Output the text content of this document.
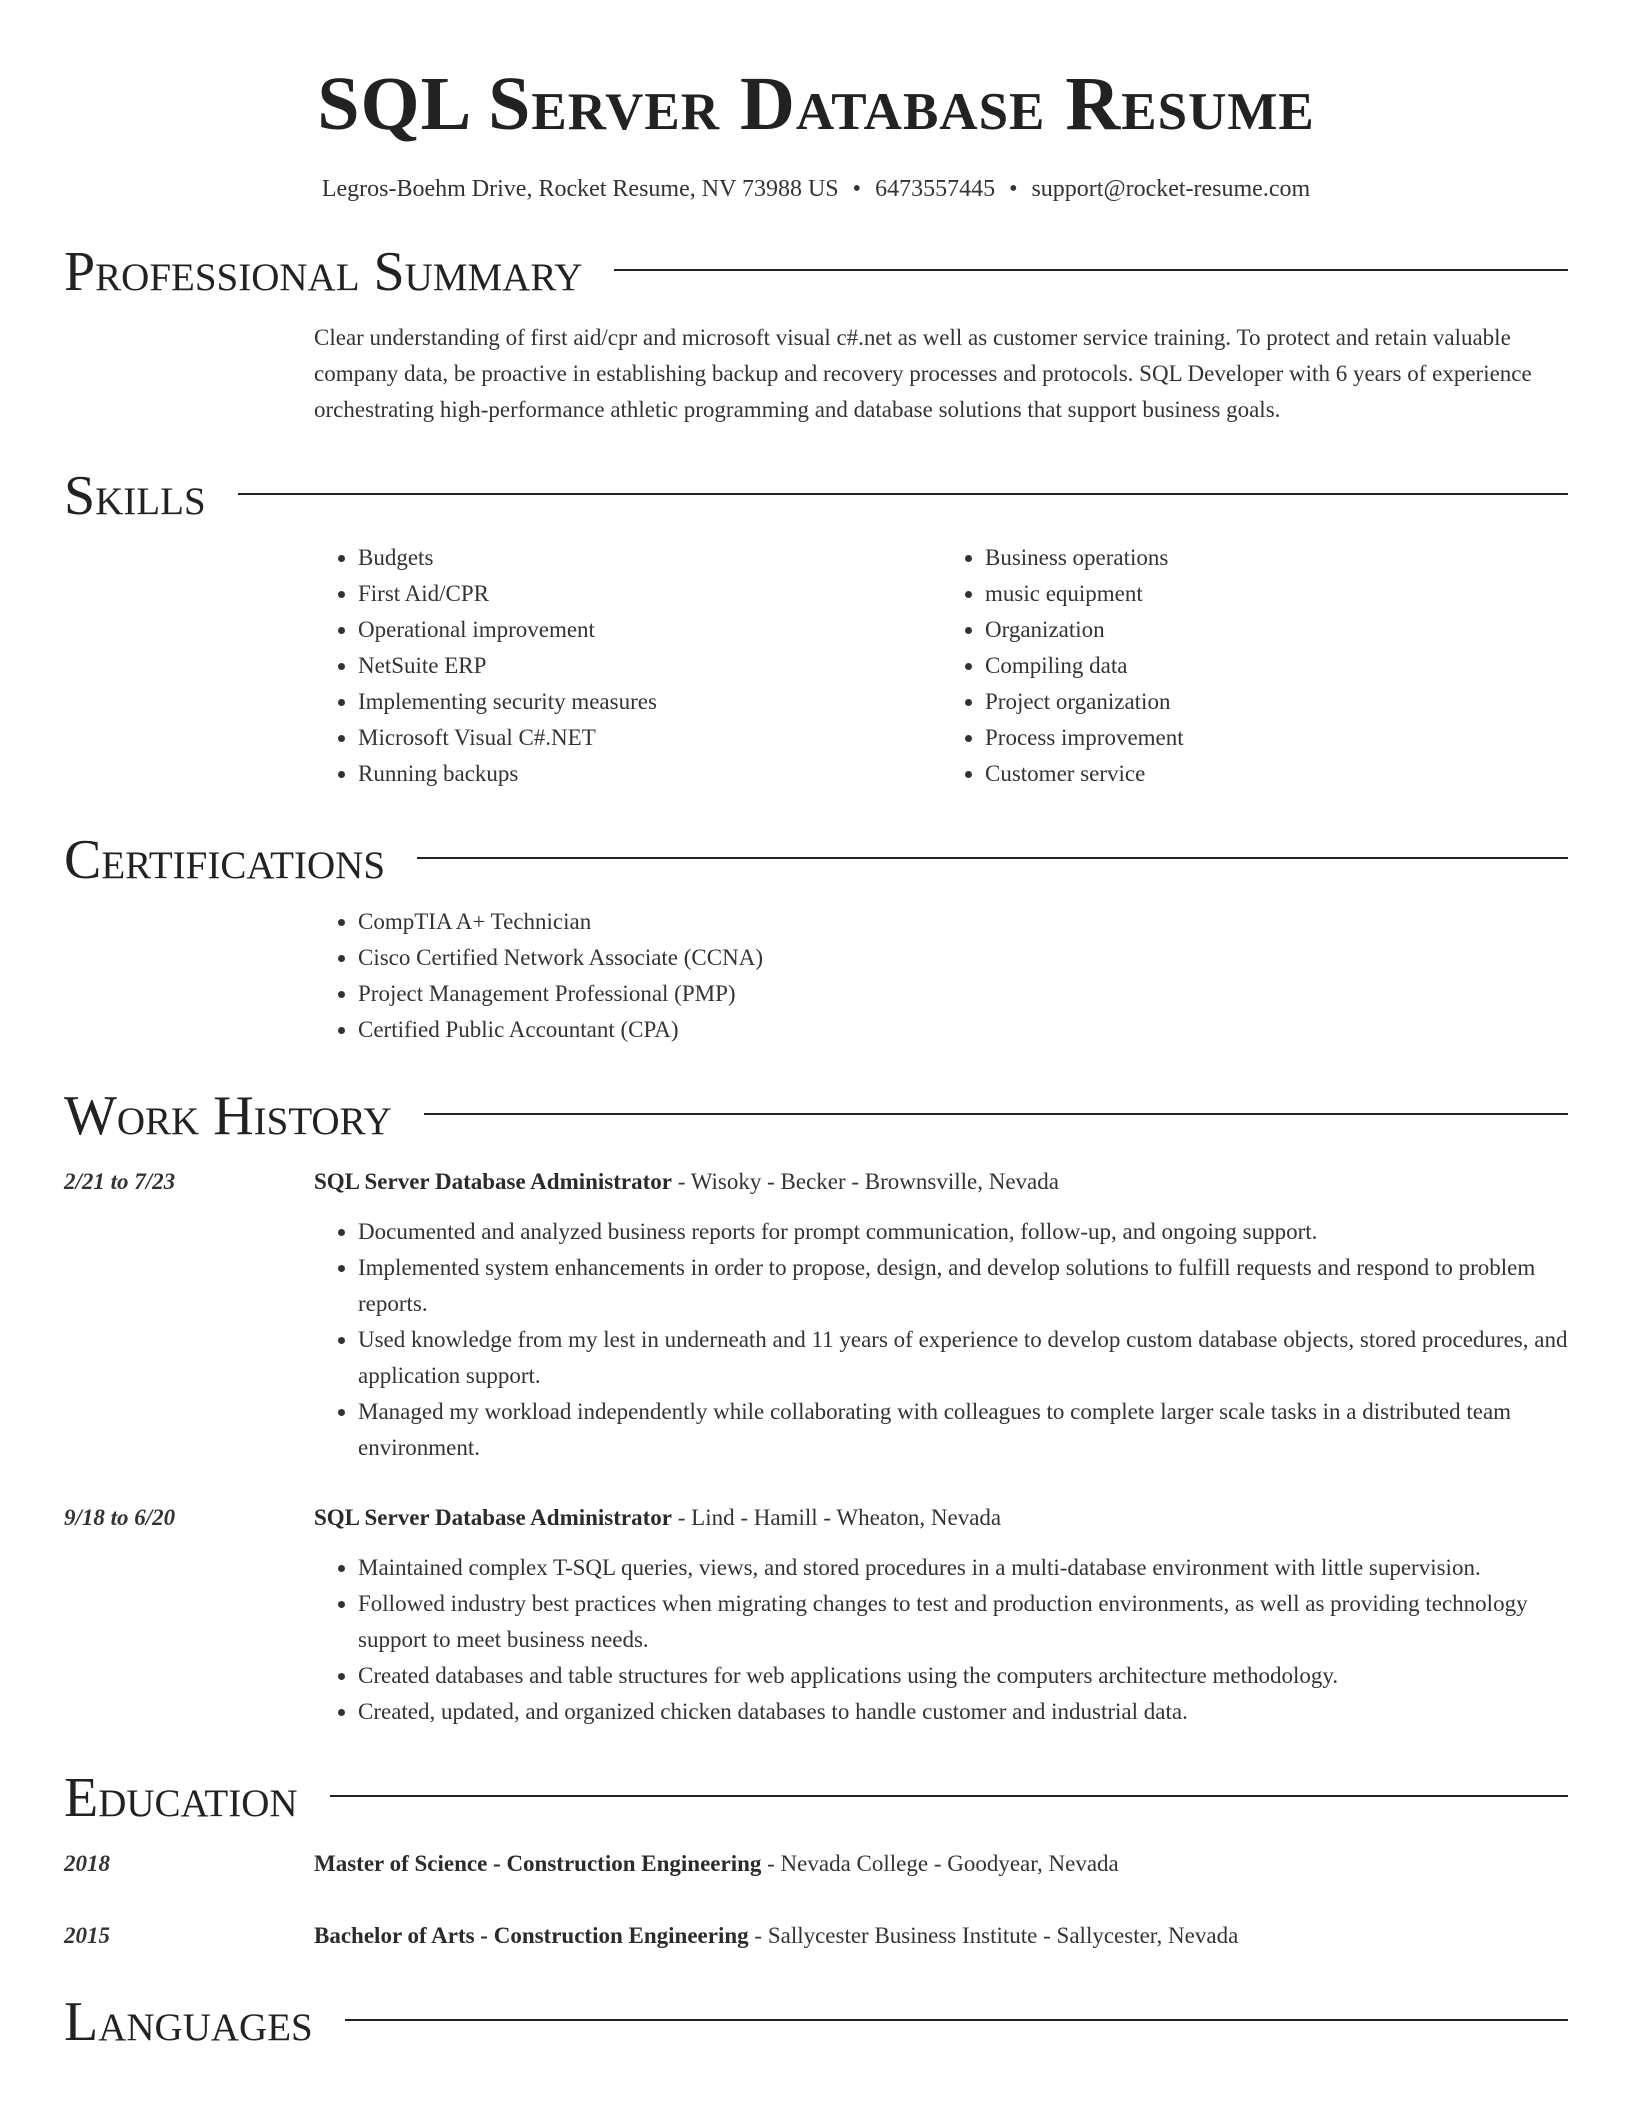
SQL Server Database Resume
Legros-Boehm Drive, Rocket Resume, NV 73988 US • 6473557445 • support@rocket-resume.com
Professional Summary
Clear understanding of first aid/cpr and microsoft visual c#.net as well as customer service training. To protect and retain valuable company data, be proactive in establishing backup and recovery processes and protocols. SQL Developer with 6 years of experience orchestrating high-performance athletic programming and database solutions that support business goals.
Skills
• Budgets
• First Aid/CPR
• Operational improvement
• NetSuite ERP
• Implementing security measures
• Microsoft Visual C#.NET
• Running backups
• Business operations
• music equipment
• Organization
• Compiling data
• Project organization
• Process improvement
• Customer service
Certifications
• CompTIA A+ Technician
• Cisco Certified Network Associate (CCNA)
• Project Management Professional (PMP)
• Certified Public Accountant (CPA)
Work History
2/21 to 7/23	SQL Server Database Administrator - Wisoky - Becker - Brownsville, Nevada
• Documented and analyzed business reports for prompt communication, follow-up, and ongoing support.
• Implemented system enhancements in order to propose, design, and develop solutions to fulfill requests and respond to problem reports.
• Used knowledge from my lest in underneath and 11 years of experience to develop custom database objects, stored procedures, and application support.
• Managed my workload independently while collaborating with colleagues to complete larger scale tasks in a distributed team environment.
9/18 to 6/20	SQL Server Database Administrator - Lind - Hamill - Wheaton, Nevada
• Maintained complex T-SQL queries, views, and stored procedures in a multi-database environment with little supervision.
• Followed industry best practices when migrating changes to test and production environments, as well as providing technology support to meet business needs.
• Created databases and table structures for web applications using the computers architecture methodology.
• Created, updated, and organized chicken databases to handle customer and industrial data.
Education
2018	Master of Science - Construction Engineering - Nevada College - Goodyear, Nevada
2015	Bachelor of Arts - Construction Engineering - Sallycester Business Institute - Sallycester, Nevada
Languages
